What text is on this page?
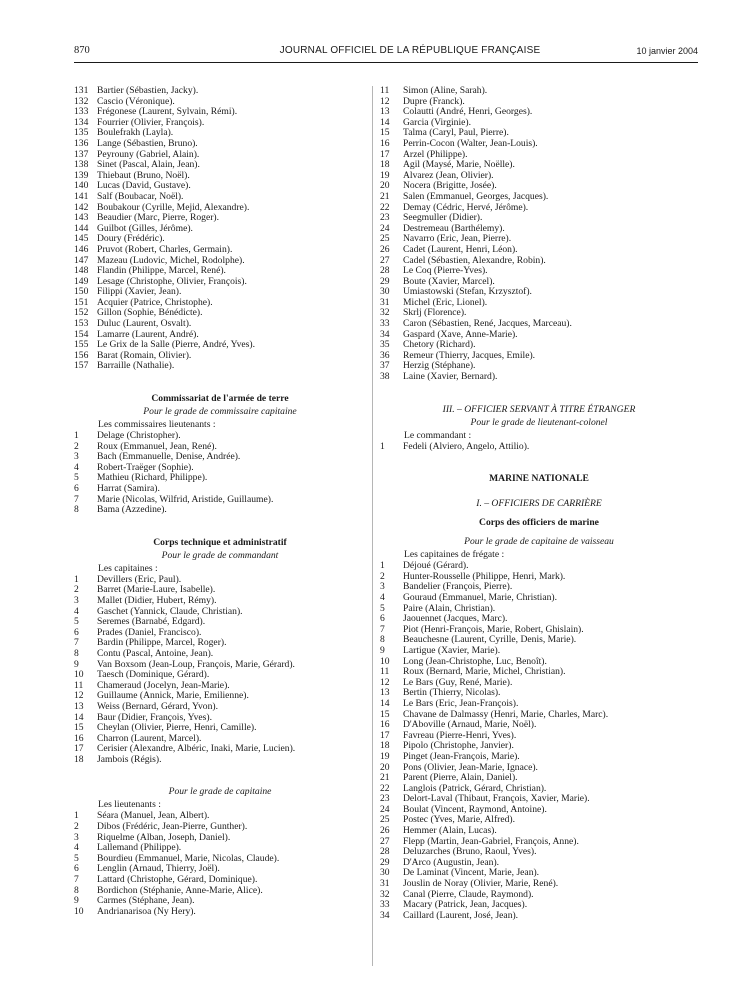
870	JOURNAL OFFICIEL DE LA RÉPUBLIQUE FRANÇAISE	10 janvier 2004
131 Bartier (Sébastien, Jacky).
132 Cascio (Véronique).
133 Frégonese (Laurent, Sylvain, Rémi).
134 Fourrier (Olivier, François).
135 Boulefrakh (Layla).
136 Lange (Sébastien, Bruno).
137 Peyrouny (Gabriel, Alain).
138 Sinet (Pascal, Alain, Jean).
139 Thiebaut (Bruno, Noël).
140 Lucas (David, Gustave).
141 Salf (Boubacar, Noël).
142 Boubakour (Cyrille, Mejid, Alexandre).
143 Beaudier (Marc, Pierre, Roger).
144 Guilbot (Gilles, Jérôme).
145 Doury (Frédéric).
146 Pruvot (Robert, Charles, Germain).
147 Mazeau (Ludovic, Michel, Rodolphe).
148 Flandin (Philippe, Marcel, René).
149 Lesage (Christophe, Olivier, François).
150 Filippi (Xavier, Jean).
151 Acquier (Patrice, Christophe).
152 Gillon (Sophie, Bénédicte).
153 Duluc (Laurent, Osvalt).
154 Lamarre (Laurent, André).
155 Le Grix de la Salle (Pierre, André, Yves).
156 Barat (Romain, Olivier).
157 Barraille (Nathalie).
Commissariat de l'armée de terre
Pour le grade de commissaire capitaine
Les commissaires lieutenants :
1 Delage (Christopher).
2 Roux (Emmanuel, Jean, René).
3 Bach (Emmanuelle, Denise, Andrée).
4 Robert-Traëger (Sophie).
5 Mathieu (Richard, Philippe).
6 Harrat (Samira).
7 Marie (Nicolas, Wilfrid, Aristide, Guillaume).
8 Bama (Azzedine).
Corps technique et administratif
Pour le grade de commandant
Les capitaines :
1 Devillers (Eric, Paul).
2 Barret (Marie-Laure, Isabelle).
3 Mallet (Didier, Hubert, Rémy).
4 Gaschet (Yannick, Claude, Christian).
5 Seremes (Barnabé, Edgard).
6 Prades (Daniel, Francisco).
7 Bardin (Philippe, Marcel, Roger).
8 Contu (Pascal, Antoine, Jean).
9 Van Boxsom (Jean-Loup, François, Marie, Gérard).
10 Taesch (Dominique, Gérard).
11 Chameraud (Jocelyn, Jean-Marie).
12 Guillaume (Annick, Marie, Emilienne).
13 Weiss (Bernard, Gérard, Yvon).
14 Baur (Didier, François, Yves).
15 Cheylan (Olivier, Pierre, Henri, Camille).
16 Charron (Laurent, Marcel).
17 Cerisier (Alexandre, Albéric, Inaki, Marie, Lucien).
18 Jambois (Régis).
Pour le grade de capitaine
Les lieutenants :
1 Séara (Manuel, Jean, Albert).
2 Dibos (Frédéric, Jean-Pierre, Gunther).
3 Riquelme (Alban, Joseph, Daniel).
4 Lallemand (Philippe).
5 Bourdieu (Emmanuel, Marie, Nicolas, Claude).
6 Lenglin (Arnaud, Thierry, Joël).
7 Lattard (Christophe, Gérard, Dominique).
8 Bordichon (Stéphanie, Anne-Marie, Alice).
9 Carmes (Stéphane, Jean).
10 Andrianarisoa (Ny Hery).
11 Simon (Aline, Sarah).
12 Dupre (Franck).
13 Colautti (André, Henri, Georges).
14 Garcia (Virginie).
15 Talma (Caryl, Paul, Pierre).
16 Perrin-Cocon (Walter, Jean-Louis).
17 Arzel (Philippe).
18 Agil (Maysé, Marie, Noëlle).
19 Alvarez (Jean, Olivier).
20 Nocera (Brigitte, Josée).
21 Salen (Emmanuel, Georges, Jacques).
22 Demay (Cédric, Hervé, Jérôme).
23 Seegmuller (Didier).
24 Destremeau (Barthélemy).
25 Navarro (Eric, Jean, Pierre).
26 Cadet (Laurent, Henri, Léon).
27 Cadel (Sébastien, Alexandre, Robin).
28 Le Coq (Pierre-Yves).
29 Boute (Xavier, Marcel).
30 Umiastowski (Stefan, Krzysztof).
31 Michel (Eric, Lionel).
32 Skrlj (Florence).
33 Caron (Sébastien, René, Jacques, Marceau).
34 Gaspard (Xave, Anne-Marie).
35 Chetory (Richard).
36 Remeur (Thierry, Jacques, Emile).
37 Herzig (Stéphane).
38 Laine (Xavier, Bernard).
III. – OFFICIER SERVANT À TITRE ÉTRANGER
Pour le grade de lieutenant-colonel
Le commandant :
1 Fedeli (Alviero, Angelo, Attilio).
MARINE NATIONALE
I. – OFFICIERS DE CARRIÈRE
Corps des officiers de marine
Pour le grade de capitaine de vaisseau
Les capitaines de frégate :
1 Déjoué (Gérard).
2 Hunter-Rousselle (Philippe, Henri, Mark).
3 Bandelier (François, Pierre).
4 Gouraud (Emmanuel, Marie, Christian).
5 Paire (Alain, Christian).
6 Jaouennet (Jacques, Marc).
7 Piot (Henri-François, Marie, Robert, Ghislain).
8 Beauchesne (Laurent, Cyrille, Denis, Marie).
9 Lartigue (Xavier, Marie).
10 Long (Jean-Christophe, Luc, Benoît).
11 Roux (Bernard, Marie, Michel, Christian).
12 Le Bars (Guy, René, Marie).
13 Bertin (Thierry, Nicolas).
14 Le Bars (Eric, Jean-François).
15 Chavane de Dalmassy (Henri, Marie, Charles, Marc).
16 D'Aboville (Arnaud, Marie, Noël).
17 Favreau (Pierre-Henri, Yves).
18 Pipolo (Christophe, Janvier).
19 Pinget (Jean-François, Marie).
20 Pons (Olivier, Jean-Marie, Ignace).
21 Parent (Pierre, Alain, Daniel).
22 Langlois (Patrick, Gérard, Christian).
23 Delort-Laval (Thibaut, François, Xavier, Marie).
24 Boulat (Vincent, Raymond, Antoine).
25 Postec (Yves, Marie, Alfred).
26 Hemmer (Alain, Lucas).
27 Flepp (Martin, Jean-Gabriel, François, Anne).
28 Deluzarches (Bruno, Raoul, Yves).
29 D'Arco (Augustin, Jean).
30 De Laminat (Vincent, Marie, Jean).
31 Jouslin de Noray (Olivier, Marie, René).
32 Canal (Pierre, Claude, Raymond).
33 Macary (Patrick, Jean, Jacques).
34 Caillard (Laurent, José, Jean).
